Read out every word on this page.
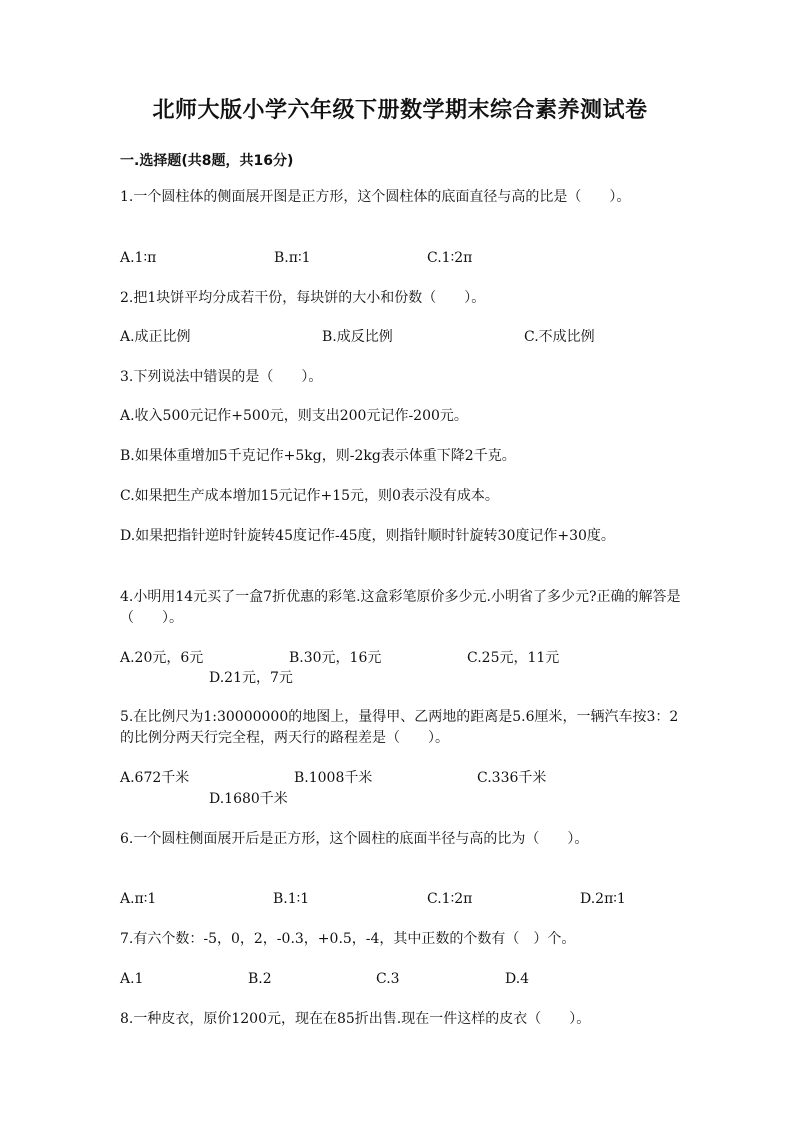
北师大版小学六年级下册数学期末综合素养测试卷
一.选择题(共8题，共16分)
1.一个圆柱体的侧面展开图是正方形，这个圆柱体的底面直径与高的比是（　　）。
A.1∶π	B.π∶1	C.1∶2π
2.把1块饼平均分成若干份，每块饼的大小和份数（　　）。
A.成正比例	B.成反比例	C.不成比例
3.下列说法中错误的是（　　）。
A.收入500元记作+500元，则支出200元记作-200元。
B.如果体重增加5千克记作+5kg，则-2kg表示体重下降2千克。
C.如果把生产成本增加15元记作+15元，则0表示没有成本。
D.如果把指针逆时针旋转45度记作-45度，则指针顺时针旋转30度记作+30度。
4.小明用14元买了一盒7折优惠的彩笔.这盒彩笔原价多少元.小明省了多少元?正确的解答是（　　）。
A.20元，6元	B.30元，16元	C.25元，11元
D.21元，7元
5.在比例尺为1:30000000的地图上，量得甲、乙两地的距离是5.6厘米，一辆汽车按3：2的比例分两天行完全程，两天行的路程差是（　　）。
A.672千米	B.1008千米	C.336千米
D.1680千米
6.一个圆柱侧面展开后是正方形，这个圆柱的底面半径与高的比为（　　）。
A.π∶1	B.1∶1	C.1∶2π	D.2π∶1
7.有六个数：-5，0，2，-0.3，+0.5，-4，其中正数的个数有（　）个。
A.1	B.2	C.3	D.4
8.一种皮衣，原价1200元，现在在85折出售.现在一件这样的皮衣（　　）。
